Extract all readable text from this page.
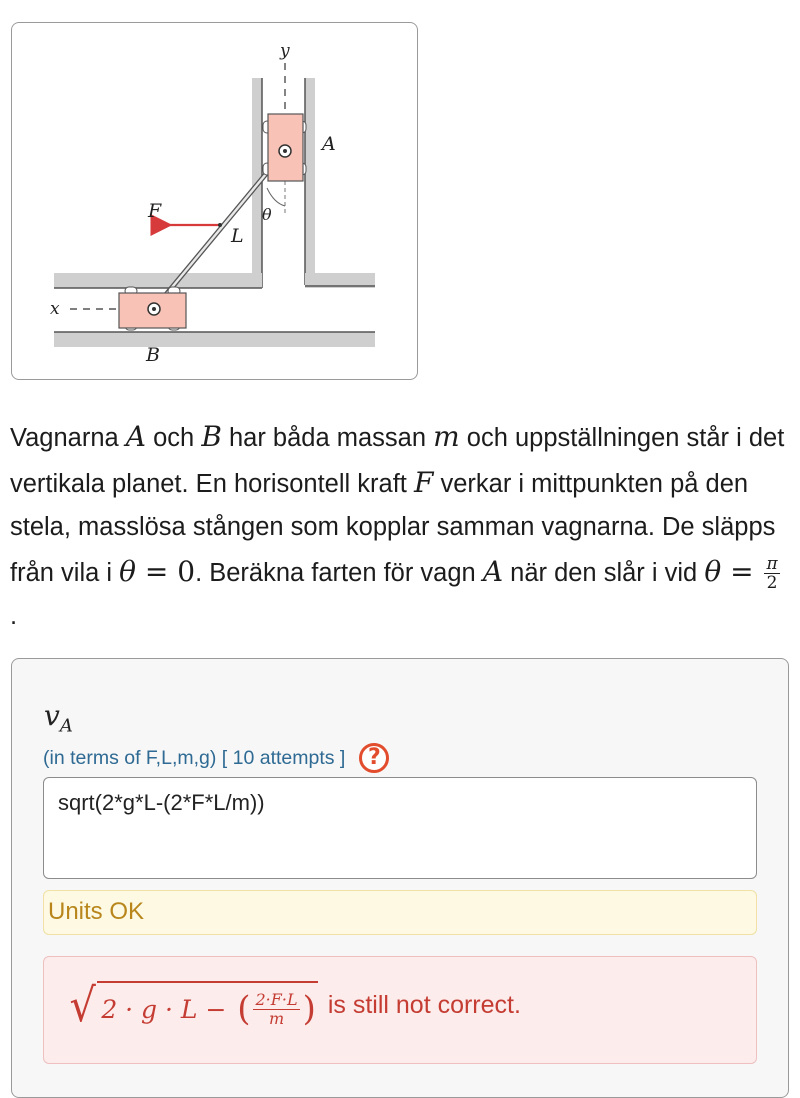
y
x
A
B
F
L
θ
Vagnarna A och B har båda massan m och uppställningen står i det vertikala planet. En horisontell kraft F verkar i mittpunkten på den stela, masslösa stången som kopplar samman vagnarna. De släpps från vila i θ = 0. Beräkna farten för vagn A när den slår i vid $\theta = \frac{\pi}{2}$
.
$v_A$
(in terms of F,L,m,g) [ 10 attempts ]	?
sqrt(2*g*L-(2*F*L/m))
Units OK
√ 2 · g · L − ( 2·F·L
m ) is still not correct.
